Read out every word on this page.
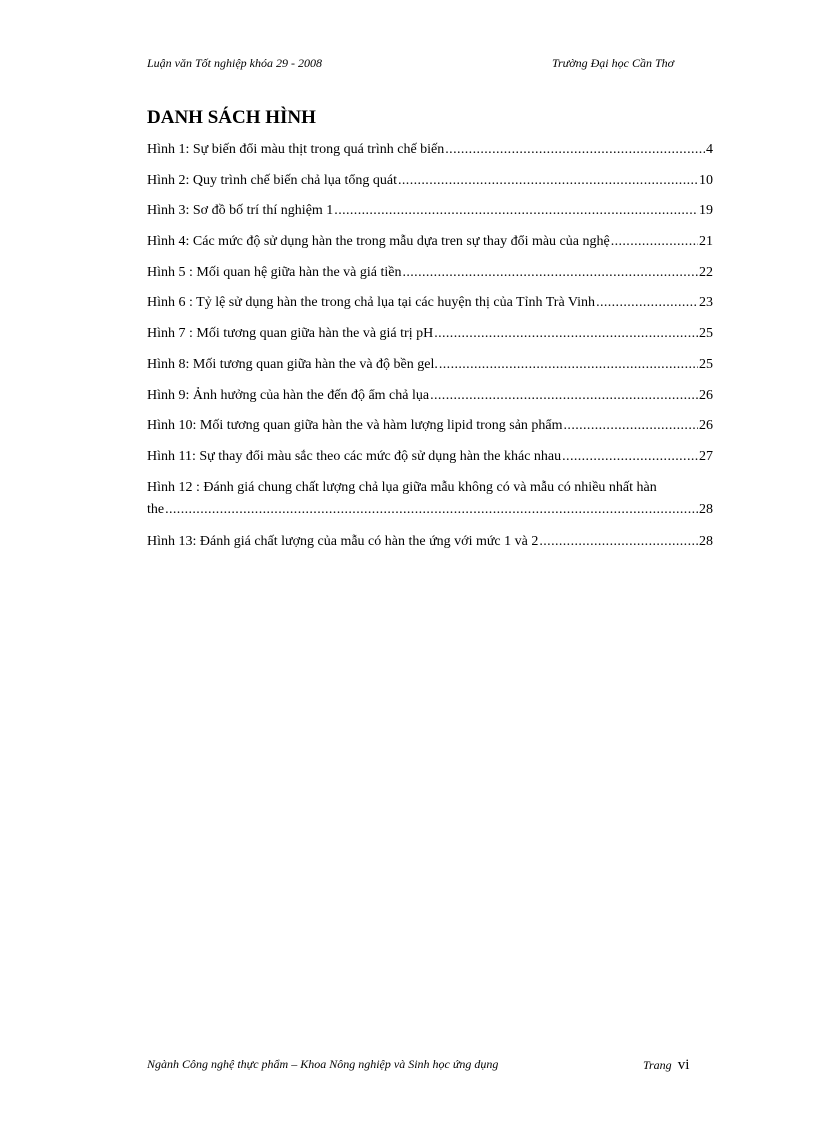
Luận văn Tốt nghiệp khóa 29 - 2008	Trường Đại học Cần Thơ
DANH SÁCH HÌNH
Hình 1: Sự biến đổi màu thịt trong quá trình chế biến .....	4
Hình 2: Quy trình chế biến chả lụa tổng quát .....	10
Hình 3: Sơ đồ bố trí thí nghiệm 1 .....	19
Hình 4: Các mức độ sử dụng hàn the trong mẫu dựa tren sự thay đổi màu của nghệ .....	21
Hình 5 : Mối quan hệ giữa hàn the và giá tiền .....	22
Hình 6 : Tỷ lệ sử dụng hàn the trong chả lụa tại các huyện thị của Tỉnh Trà Vinh .....	23
Hình 7 : Mối tương quan giữa hàn the và giá trị pH .....	25
Hình 8: Mối tương quan giữa hàn the và độ bền gel. .....	25
Hình 9: Ảnh hưởng của hàn the đến độ ẩm chả lụa .....	26
Hình 10: Mối tương quan giữa hàn the và hàm lượng lipid trong sản phẩm .....	26
Hình 11: Sự thay đổi màu sắc theo các mức độ sử dụng hàn the khác nhau .....	27
Hình 12 : Đánh giá chung chất lượng chả lụa giữa mẫu không có và mẫu có nhiều nhất hàn
the .....	28
Hình 13: Đánh giá chất lượng của mẫu có hàn the ứng với mức 1 và 2 .....	28
Ngành Công nghệ thực phẩm – Khoa Nông nghiệp và Sinh học ứng dụng	Trang vi
